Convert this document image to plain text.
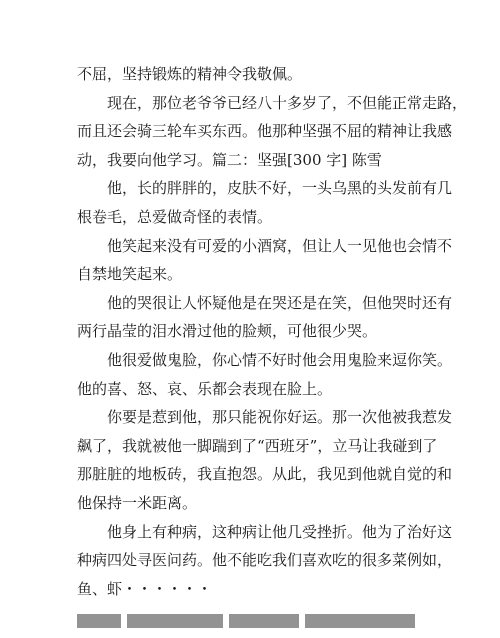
不屈，坚持锻炼的精神令我敬佩。
现在，那位老爷爷已经八十多岁了，不但能正常走路，
而且还会骑三轮车买东西。他那种坚强不屈的精神让我感
动，我要向他学习。篇二：坚强[300 字] 陈雪
他，长的胖胖的，皮肤不好，一头乌黑的头发前有几
根卷毛，总爱做奇怪的表情。
他笑起来没有可爱的小酒窝，但让人一见他也会情不
自禁地笑起来。
他的哭很让人怀疑他是在哭还是在笑，但他哭时还有
两行晶莹的泪水滑过他的脸颊，可他很少哭。
他很爱做鬼脸，你心情不好时他会用鬼脸来逗你笑。
他的喜、怒、哀、乐都会表现在脸上。
你要是惹到他，那只能祝你好运。那一次他被我惹发
飙了，我就被他一脚踹到了“西班牙”，立马让我碰到了
那脏脏的地板砖，我直抱怨。从此，我见到他就自觉的和
他保持一米距离。
他身上有种病，这种病让他几受挫折。他为了治好这
种病四处寻医问药。他不能吃我们喜欢吃的很多菜例如，
鱼、虾・・・・・・
